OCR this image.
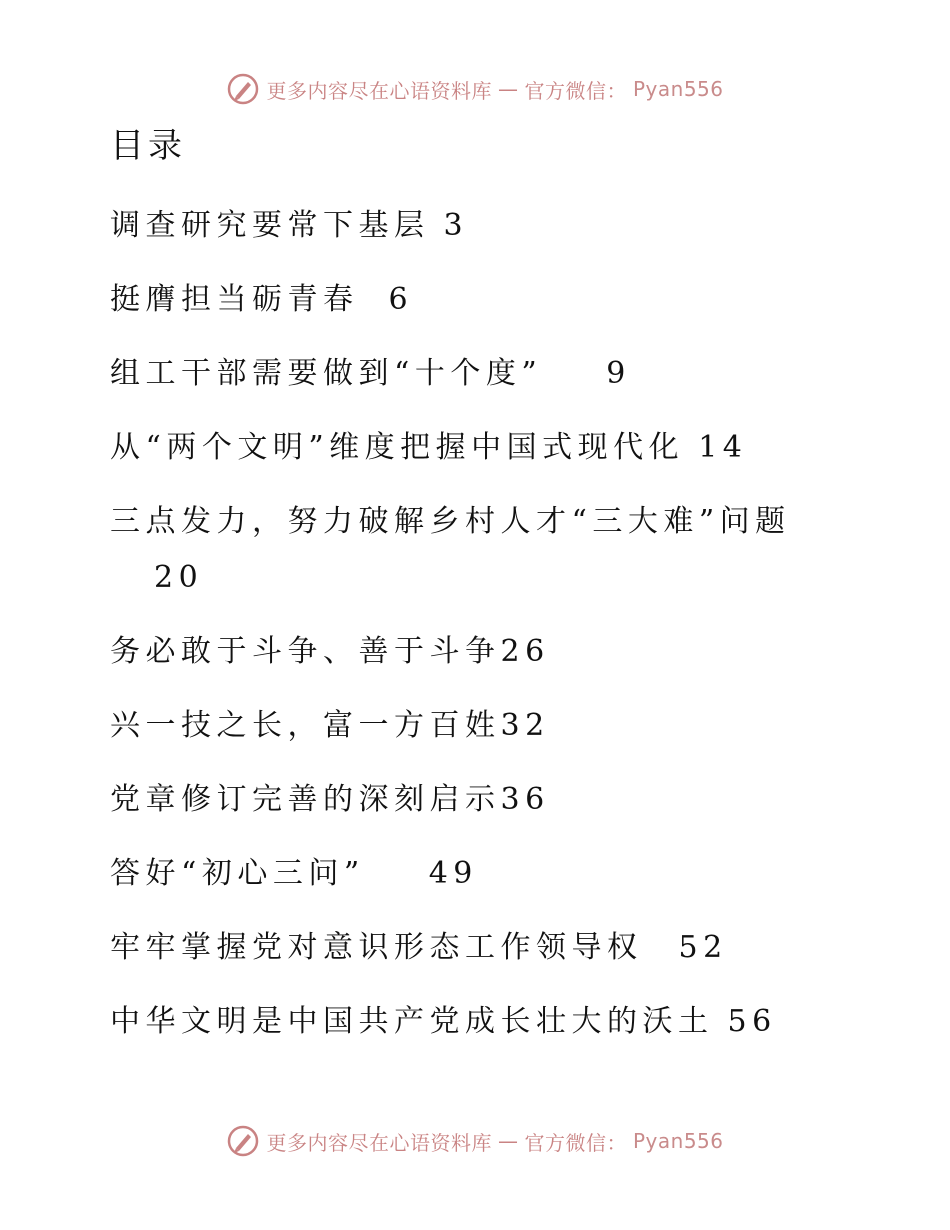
更多内容尽在心语资料库 — 官方微信： Pyan556
目录
调查研究要常下基层 3
挺膺担当砺青春 6
组工干部需要做到“十个度” 9
从“两个文明”维度把握中国式现代化 14
三点发力，努力破解乡村人才“三大难”问题
20
务必敢于斗争、善于斗争26
兴一技之长，富一方百姓32
党章修订完善的深刻启示36
答好“初心三问” 49
牢牢掌握党对意识形态工作领导权 52
中华文明是中国共产党成长壮大的沃土 56
更多内容尽在心语资料库 — 官方微信： Pyan556
